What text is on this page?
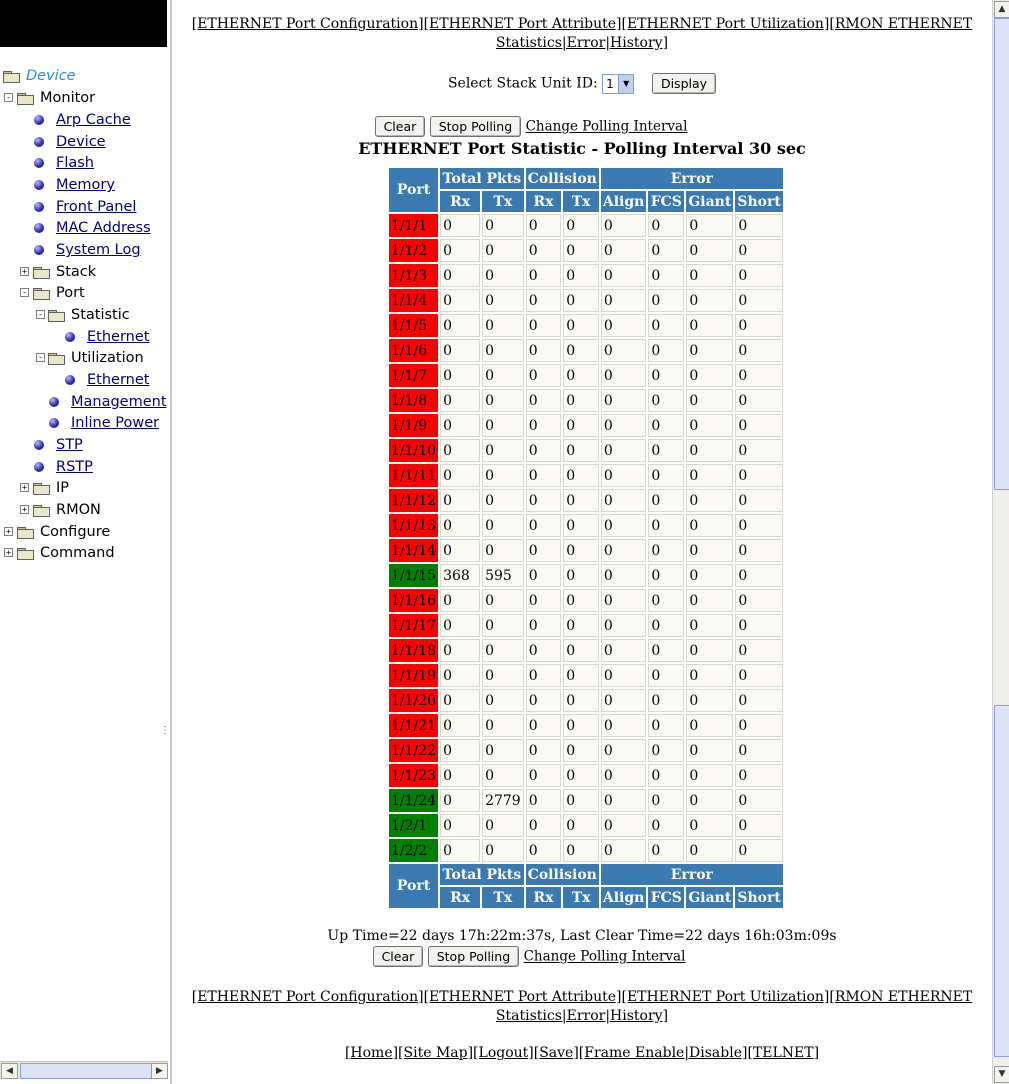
Device
- Monitor
Arp Cache
Device
Flash
Memory
Front Panel
MAC Address
System Log
+ Stack
- Port
- Statistic
Ethernet
- Utilization
Ethernet
Management
Inline Power
STP
RSTP
+ IP
+ RMON
+ Configure
+ Command
⋮
◀	▶
▲
▼
[ETHERNET Port Configuration][ETHERNET Port Attribute][ETHERNET Port Utilization][RMON ETHERNET
Statistics|Error|History]
Select Stack Unit ID: 1	▼	Display
Clear Stop Polling Change Polling Interval
ETHERNET Port Statistic - Polling Interval 30 sec
Port	Total Pkts		Collision		Error			
	Rx	Tx	Rx	Tx	Align	FCS	Giant	Short
1/1/1	0	0	0	0	0	0	0	0
1/1/2	0	0	0	0	0	0	0	0
1/1/3	0	0	0	0	0	0	0	0
1/1/4	0	0	0	0	0	0	0	0
1/1/5	0	0	0	0	0	0	0	0
1/1/6	0	0	0	0	0	0	0	0
1/1/7	0	0	0	0	0	0	0	0
1/1/8	0	0	0	0	0	0	0	0
1/1/9	0	0	0	0	0	0	0	0
1/1/10	0	0	0	0	0	0	0	0
1/1/11	0	0	0	0	0	0	0	0
1/1/12	0	0	0	0	0	0	0	0
1/1/13	0	0	0	0	0	0	0	0
1/1/14	0	0	0	0	0	0	0	0
1/1/15	368	595	0	0	0	0	0	0
1/1/16	0	0	0	0	0	0	0	0
1/1/17	0	0	0	0	0	0	0	0
1/1/18	0	0	0	0	0	0	0	0
1/1/19	0	0	0	0	0	0	0	0
1/1/20	0	0	0	0	0	0	0	0
1/1/21	0	0	0	0	0	0	0	0
1/1/22	0	0	0	0	0	0	0	0
1/1/23	0	0	0	0	0	0	0	0
1/1/24	0	2779	0	0	0	0	0	0
1/2/1	0	0	0	0	0	0	0	0
1/2/2	0	0	0	0	0	0	0	0
Port	Total Pkts		Collision		Error			
	Rx	Tx	Rx	Tx	Align	FCS	Giant	Short
Up Time=22 days 17h:22m:37s, Last Clear Time=22 days 16h:03m:09s
Clear Stop Polling Change Polling Interval
[ETHERNET Port Configuration][ETHERNET Port Attribute][ETHERNET Port Utilization][RMON ETHERNET
Statistics|Error|History]
[Home][Site Map][Logout][Save][Frame Enable|Disable][TELNET]
